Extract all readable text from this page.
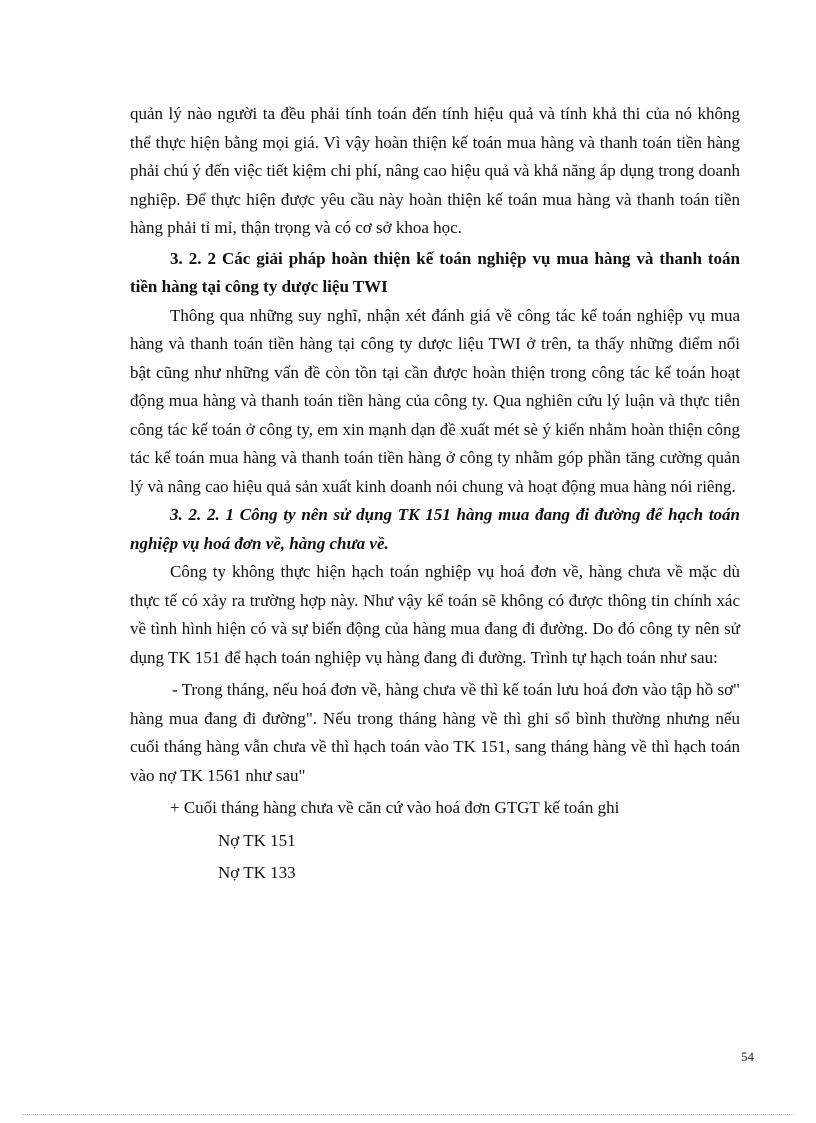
quản lý nào người ta đều phải tính toán đến tính hiệu quả và tính khả thi của nó không thể thực hiện bằng mọi giá. Vì vậy hoàn thiện kế toán mua hàng và thanh toán tiền hàng phải chú ý đến việc tiết kiệm chi phí, nâng cao hiệu quả và khả năng áp dụng trong doanh nghiệp. Để thực hiện được yêu cầu này hoàn thiện kế toán mua hàng và thanh toán tiền hàng phải tỉ mỉ, thận trọng và có cơ sở khoa học.

3. 2. 2 Các giải pháp hoàn thiện kế toán nghiệp vụ mua hàng và thanh toán tiền hàng tại công ty dược liệu TWI

Thông qua những suy nghĩ, nhận xét đánh giá về công tác kế toán nghiệp vụ mua hàng và thanh toán tiền hàng tại công ty dược liệu TWI ở trên, ta thấy những điểm nổi bật cũng như những vấn đề còn tồn tại cần được hoàn thiện trong công tác kế toán hoạt động mua hàng và thanh toán tiền hàng của công ty. Qua nghiên cứu lý luận và thực tiễn công tác kế toán ở công ty, em xin mạnh dạn đề xuất mét sè ý kiến nhằm hoàn thiện công tác kế toán mua hàng và thanh toán tiền hàng ở công ty nhằm góp phần tăng cường quản lý và nâng cao hiệu quả sản xuất kinh doanh nói chung và hoạt động mua hàng nói riêng.

3. 2. 2. 1 Công ty nên sử dụng TK 151 hàng mua đang đi đường để hạch toán nghiệp vụ hoá đơn về, hàng chưa về.

Công ty không thực hiện hạch toán nghiệp vụ hoá đơn về, hàng chưa về mặc dù thực tế có xảy ra trường hợp này. Như vậy kế toán sẽ không có được thông tin chính xác về tình hình hiện có và sự biến động của hàng mua đang đi đường. Do đó công ty nên sử dụng TK 151 để hạch toán nghiệp vụ hàng đang đi đường. Trình tự hạch toán như sau:

- Trong tháng, nếu hoá đơn về, hàng chưa về thì kế toán lưu hoá đơn vào tập hồ sơ" hàng mua đang đi đường". Nếu trong tháng hàng về thì ghi sổ bình thường nhưng nếu cuối tháng hàng vẫn chưa về thì hạch toán vào TK 151, sang tháng hàng về thì hạch toán vào nợ TK 1561 như sau"

+ Cuối tháng hàng chưa về căn cứ vào hoá đơn GTGT kế toán ghi

Nợ TK 151

Nợ TK 133

54
